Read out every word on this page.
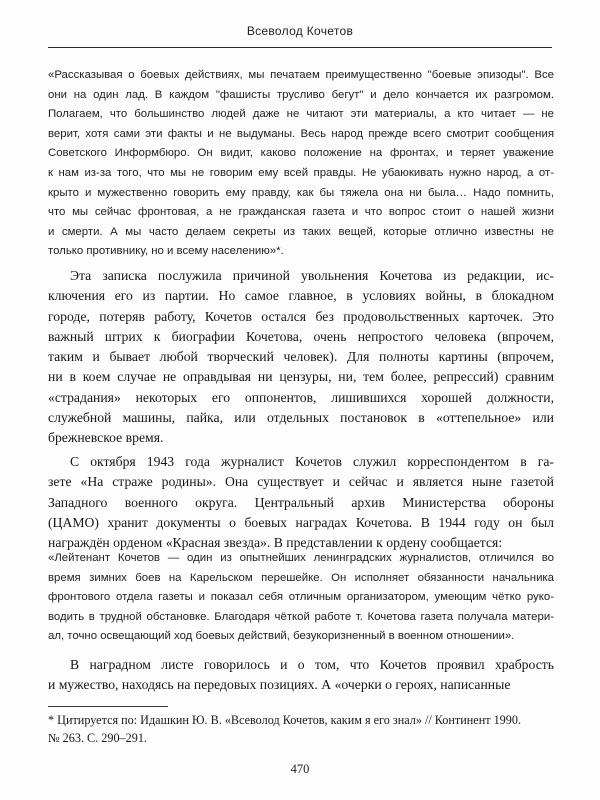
Всеволод Кочетов
«Рассказывая о боевых действиях, мы печатаем преимущественно "боевые эпизоды". Все
они на один лад. В каждом "фашисты трусливо бегут" и дело кончается их разгромом.
Полагаем, что большинство людей даже не читают эти материалы, а кто читает — не
верит, хотя сами эти факты и не выдуманы. Весь народ прежде всего смотрит сообщения
Советского Информбюро. Он видит, каково положение на фронтах, и теряет уважение
к нам из-за того, что мы не говорим ему всей правды. Не убаюкивать нужно народ, а от-
крыто и мужественно говорить ему правду, как бы тяжела она ни была… Надо помнить,
что мы сейчас фронтовая, а не гражданская газета и что вопрос стоит о нашей жизни
и смерти. А мы часто делаем секреты из таких вещей, которые отлично известны не
только противнику, но и всему населению»*.
Эта записка послужила причиной увольнения Кочетова из редакции, ис-
ключения его из партии. Но самое главное, в условиях войны, в блокадном
городе, потеряв работу, Кочетов остался без продовольственных карточек. Это
важный штрих к биографии Кочетова, очень непростого человека (впрочем,
таким и бывает любой творческий человек). Для полноты картины (впрочем,
ни в коем случае не оправдывая ни цензуры, ни, тем более, репрессий) сравним
«страдания» некоторых его оппонентов, лишившихся хорошей должности,
служебной машины, пайка, или отдельных постановок в «оттепельное» или
брежневское время.
С октября 1943 года журналист Кочетов служил корреспондентом в га-
зете «На страже родины». Она существует и сейчас и является ныне газетой
Западного военного округа. Центральный архив Министерства обороны
(ЦАМО) хранит документы о боевых наградах Кочетова. В 1944 году он был
награждён орденом «Красная звезда». В представлении к ордену сообщается:
«Лейтенант Кочетов — один из опытнейших ленинградских журналистов, отличился во
время зимних боев на Карельском перешейке. Он исполняет обязанности начальника
фронтового отдела газеты и показал себя отличным организатором, умеющим чётко руко-
водить в трудной обстановке. Благодаря чёткой работе т. Кочетова газета получала матери-
ал, точно освещающий ход боевых действий, безукоризненный в военном отношении».
В наградном листе говорилось и о том, что Кочетов проявил храбрость
и мужество, находясь на передовых позициях. А «очерки о героях, написанные
* Цитируется по: Идашкин Ю. В. «Всеволод Кочетов, каким я его знал» // Континент 1990.
№ 263. С. 290–291.
470
